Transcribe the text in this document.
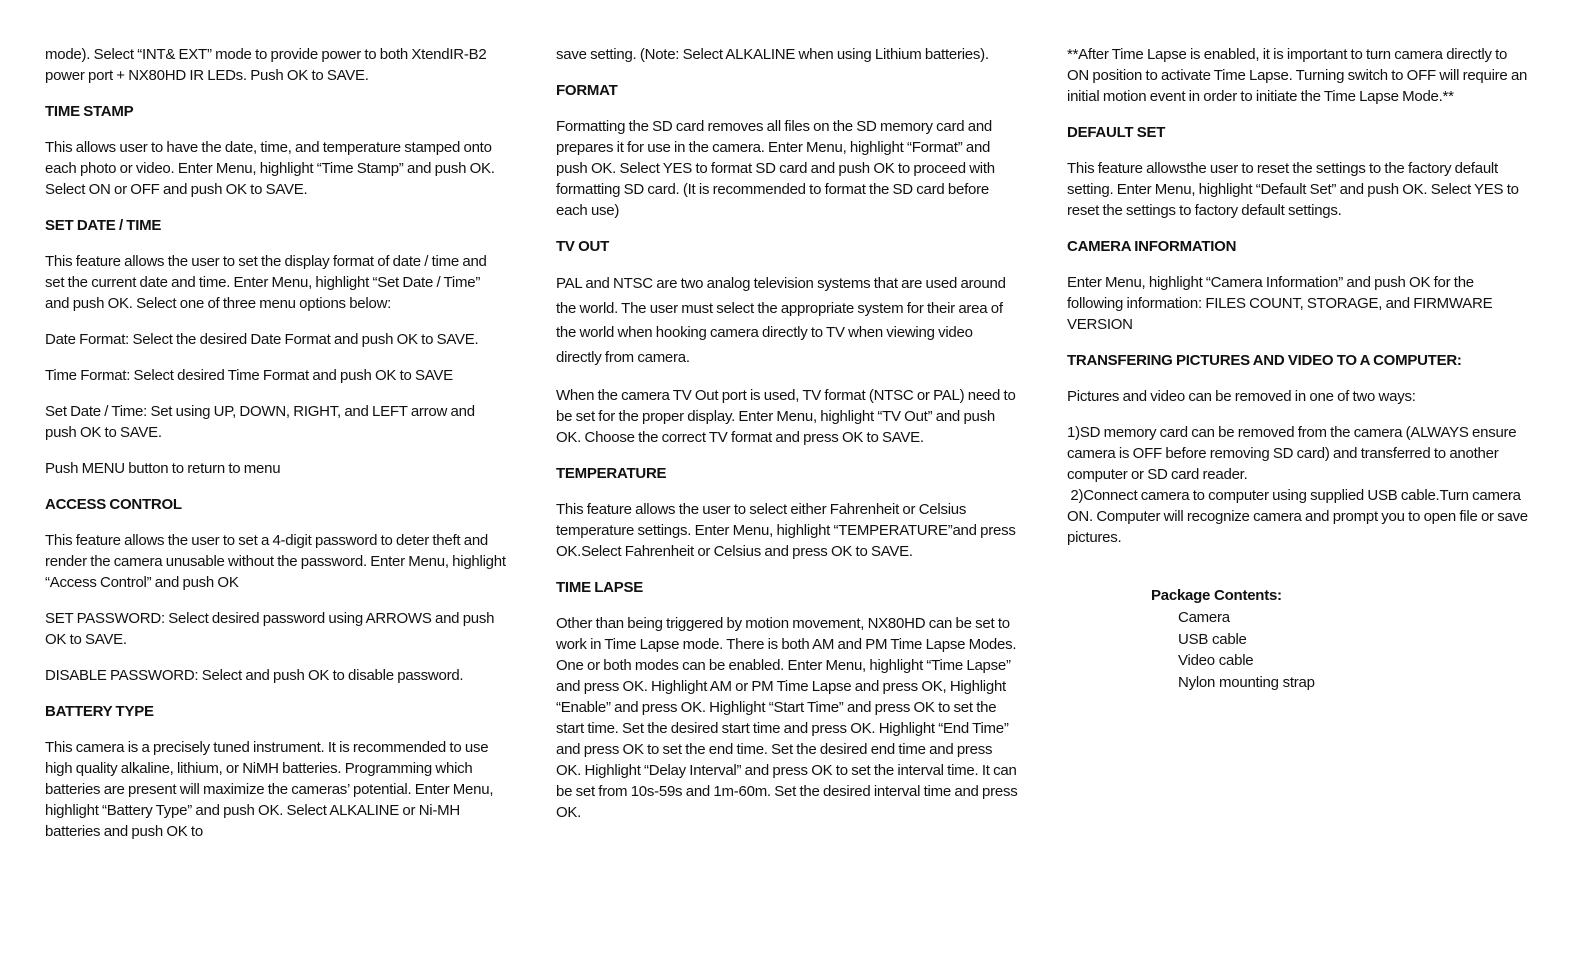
mode). Select “INT& EXT” mode to provide power to both XtendIR-B2 power port + NX80HD IR LEDs. Push OK to SAVE.

TIME STAMP

This allows user to have the date, time, and temperature stamped onto each photo or video. Enter Menu, highlight “Time Stamp” and push OK. Select ON or OFF and push OK to SAVE.

SET DATE / TIME

This feature allows the user to set the display format of date / time and set the current date and time. Enter Menu, highlight “Set Date / Time” and push OK. Select one of three menu options below:

Date Format: Select the desired Date Format and push OK to SAVE.

Time Format: Select desired Time Format and push OK to SAVE

Set Date / Time: Set using UP, DOWN, RIGHT, and LEFT arrow and push OK to SAVE.

Push MENU button to return to menu

ACCESS CONTROL

This feature allows the user to set a 4-digit password to deter theft and render the camera unusable without the password. Enter Menu, highlight “Access Control” and push OK

SET PASSWORD: Select desired password using ARROWS and push OK to SAVE.

DISABLE PASSWORD: Select and push OK to disable password.

BATTERY TYPE

This camera is a precisely tuned instrument. It is recommended to use high quality alkaline, lithium, or NiMH batteries. Programming which batteries are present will maximize the cameras’ potential. Enter Menu, highlight “Battery Type” and push OK. Select ALKALINE or Ni-MH batteries and push OK to

save setting. (Note: Select ALKALINE when using Lithium batteries).

FORMAT

Formatting the SD card removes all files on the SD memory card and prepares it for use in the camera. Enter Menu, highlight “Format” and push OK. Select YES to format SD card and push OK to proceed with formatting SD card. (It is recommended to format the SD card before each use)

TV OUT

PAL and NTSC are two analog television systems that are used around the world. The user must select the appropriate system for their area of the world when hooking camera directly to TV when viewing video directly from camera.

When the camera TV Out port is used, TV format (NTSC or PAL) need to be set for the proper display. Enter Menu, highlight “TV Out” and push OK. Choose the correct TV format and press OK to SAVE.

TEMPERATURE

This feature allows the user to select either Fahrenheit or Celsius temperature settings. Enter Menu, highlight “TEMPERATURE”and press OK.Select Fahrenheit or Celsius and press OK to SAVE.

TIME LAPSE

Other than being triggered by motion movement, NX80HD can be set to work in Time Lapse mode. There is both AM and PM Time Lapse Modes. One or both modes can be enabled. Enter Menu, highlight “Time Lapse” and press OK. Highlight AM or PM Time Lapse and press OK, Highlight “Enable” and press OK. Highlight “Start Time” and press OK to set the start time. Set the desired start time and press OK. Highlight “End Time” and press OK to set the end time. Set the desired end time and press OK. Highlight “Delay Interval” and press OK to set the interval time. It can be set from 10s-59s and 1m-60m. Set the desired interval time and press OK.

**After Time Lapse is enabled, it is important to turn camera directly to ON position to activate Time Lapse. Turning switch to OFF will require an initial motion event in order to initiate the Time Lapse Mode.**

DEFAULT SET

This feature allowsthe user to reset the settings to the factory default setting. Enter Menu, highlight “Default Set” and push OK. Select YES to reset the settings to factory default settings.

CAMERA INFORMATION

Enter Menu, highlight “Camera Information” and push OK for the following information: FILES COUNT, STORAGE, and FIRMWARE VERSION

TRANSFERING PICTURES AND VIDEO TO A COMPUTER:

Pictures and video can be removed in one of two ways:

1)SD memory card can be removed from the camera (ALWAYS ensure camera is OFF before removing SD card) and transferred to another computer or SD card reader.

2)Connect camera to computer using supplied USB cable.Turn camera ON. Computer will recognize camera and prompt you to open file or save pictures.

Package Contents:
Camera
USB cable
Video cable
Nylon mounting strap
